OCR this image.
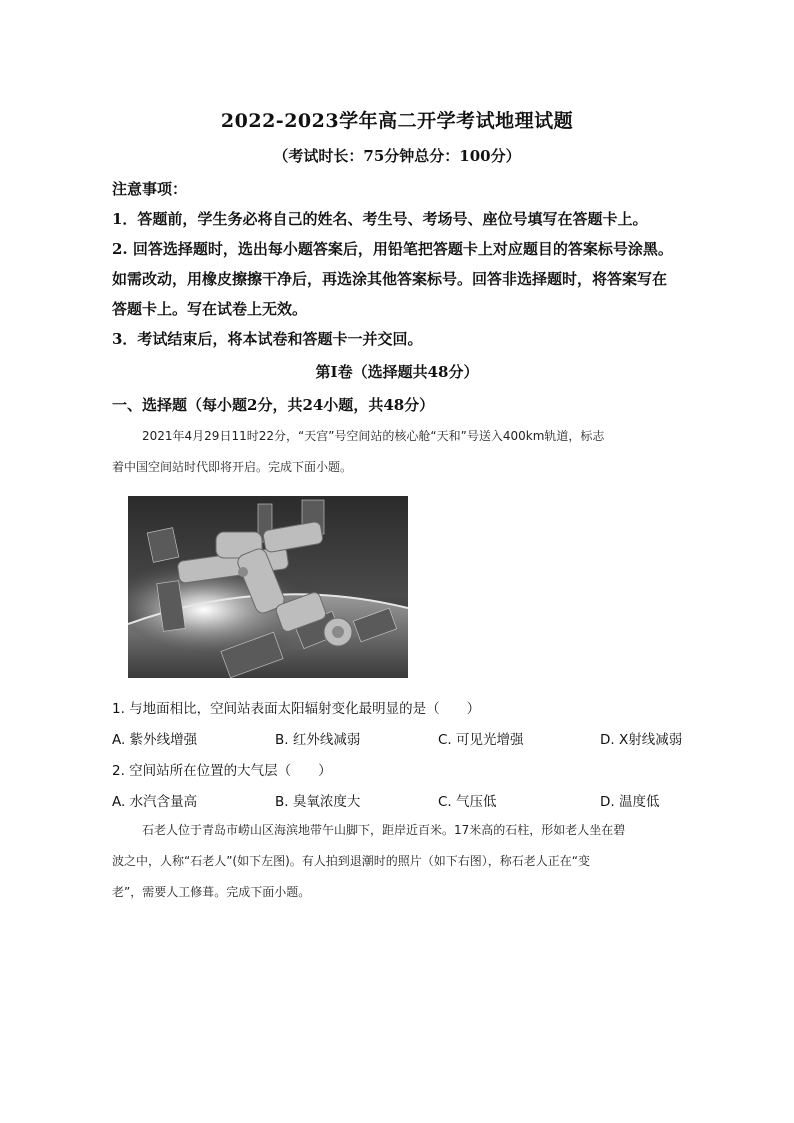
2022-2023学年高二开学考试地理试题
（考试时长：75分钟总分：100分）
注意事项：
1．答题前，学生务必将自己的姓名、考生号、考场号、座位号填写在答题卡上。
2. 回答选择题时，选出每小题答案后，用铅笔把答题卡上对应题目的答案标号涂黑。
如需改动，用橡皮擦擦干净后，再选涂其他答案标号。回答非选择题时，将答案写在
答题卡上。写在试卷上无效。
3．考试结束后，将本试卷和答题卡一并交回。
第Ⅰ卷（选择题共48分）
一、选择题（每小题2分，共24小题，共48分）
2021年4月29日11时22分，“天宫”号空间站的核心舱“天和”号送入400km轨道，标志
着中国空间站时代即将开启。完成下面小题。
1. 与地面相比，空间站表面太阳辐射变化最明显的是（　　）
A. 紫外线增强	B. 红外线减弱	C. 可见光增强	D. X射线减弱
2. 空间站所在位置的大气层（　　）
A. 水汽含量高	B. 臭氧浓度大	C. 气压低	D. 温度低
石老人位于青岛市崂山区海滨地带午山脚下，距岸近百米。17米高的石柱，形如老人坐在碧
波之中，人称“石老人”(如下左图)。有人拍到退潮时的照片（如下右图），称石老人正在“变
老”，需要人工修葺。完成下面小题。
